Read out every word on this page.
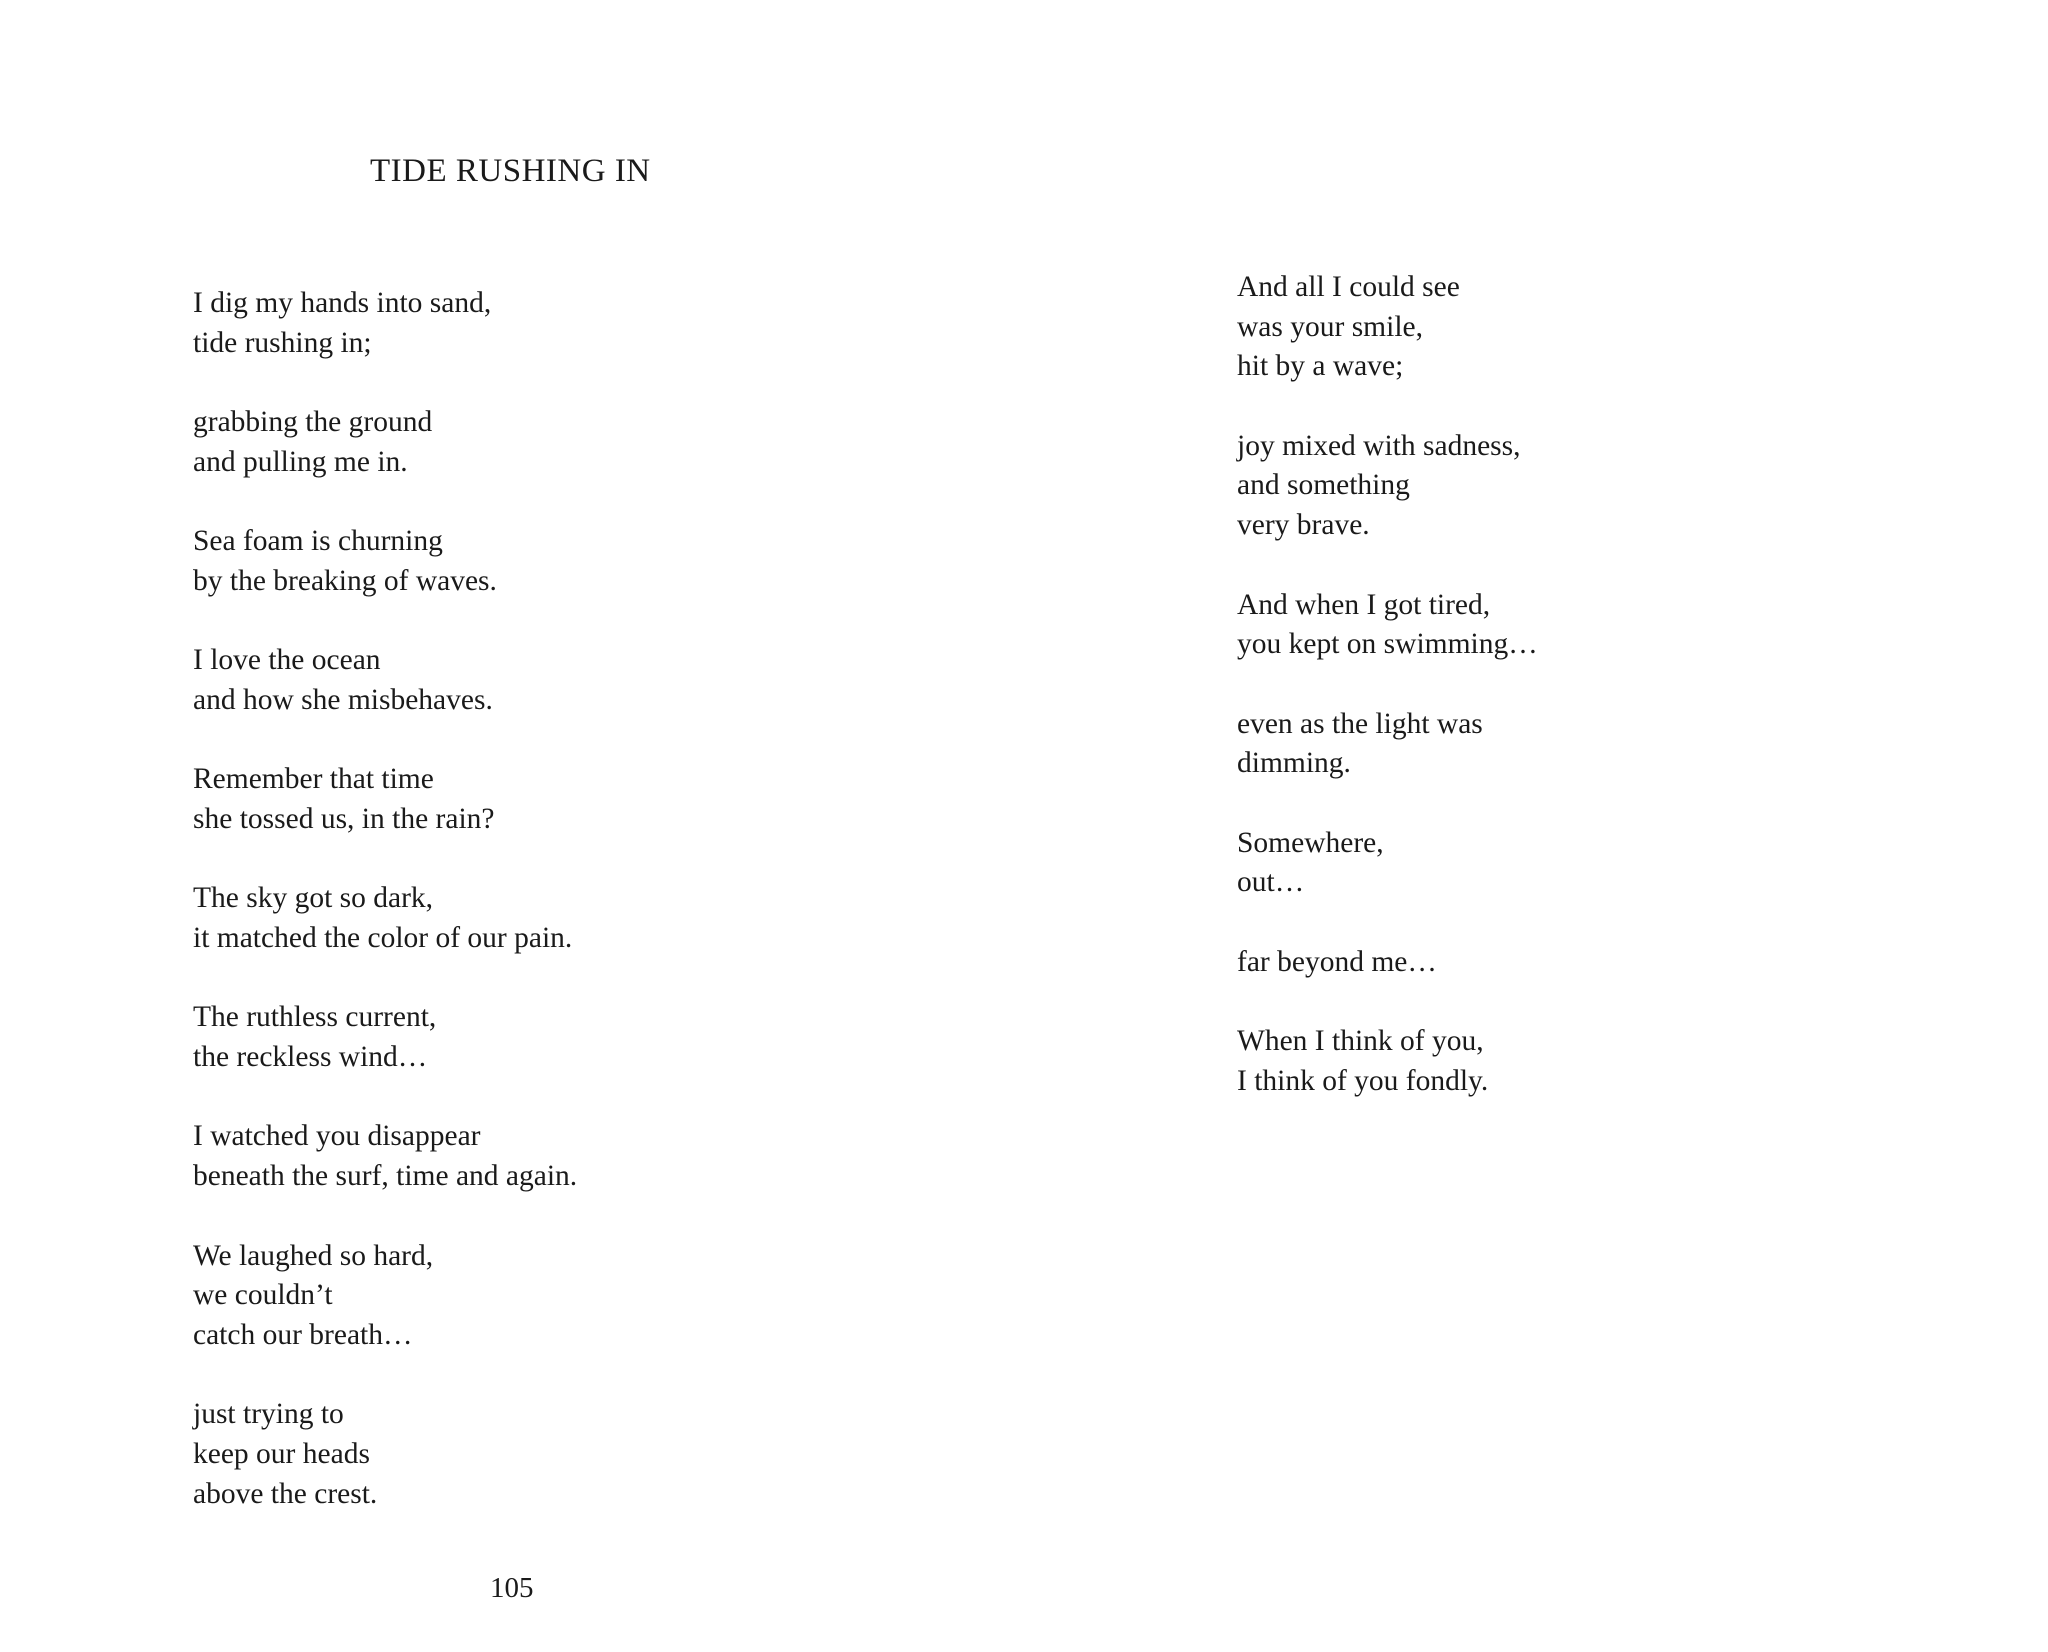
TIDE RUSHING IN
I dig my hands into sand,
tide rushing in;
grabbing the ground
and pulling me in.
Sea foam is churning
by the breaking of waves.
I love the ocean
and how she misbehaves.
Remember that time
she tossed us, in the rain?
The sky got so dark,
it matched the color of our pain.
The ruthless current,
the reckless wind…
I watched you disappear
beneath the surf, time and again.
We laughed so hard,
we couldn’t
catch our breath…
just trying to
keep our heads
above the crest.
And all I could see
was your smile,
hit by a wave;
joy mixed with sadness,
and something
very brave.
And when I got tired,
you kept on swimming…
even as the light was
dimming.
Somewhere,
out…
far beyond me…
When I think of you,
I think of you fondly.
105
